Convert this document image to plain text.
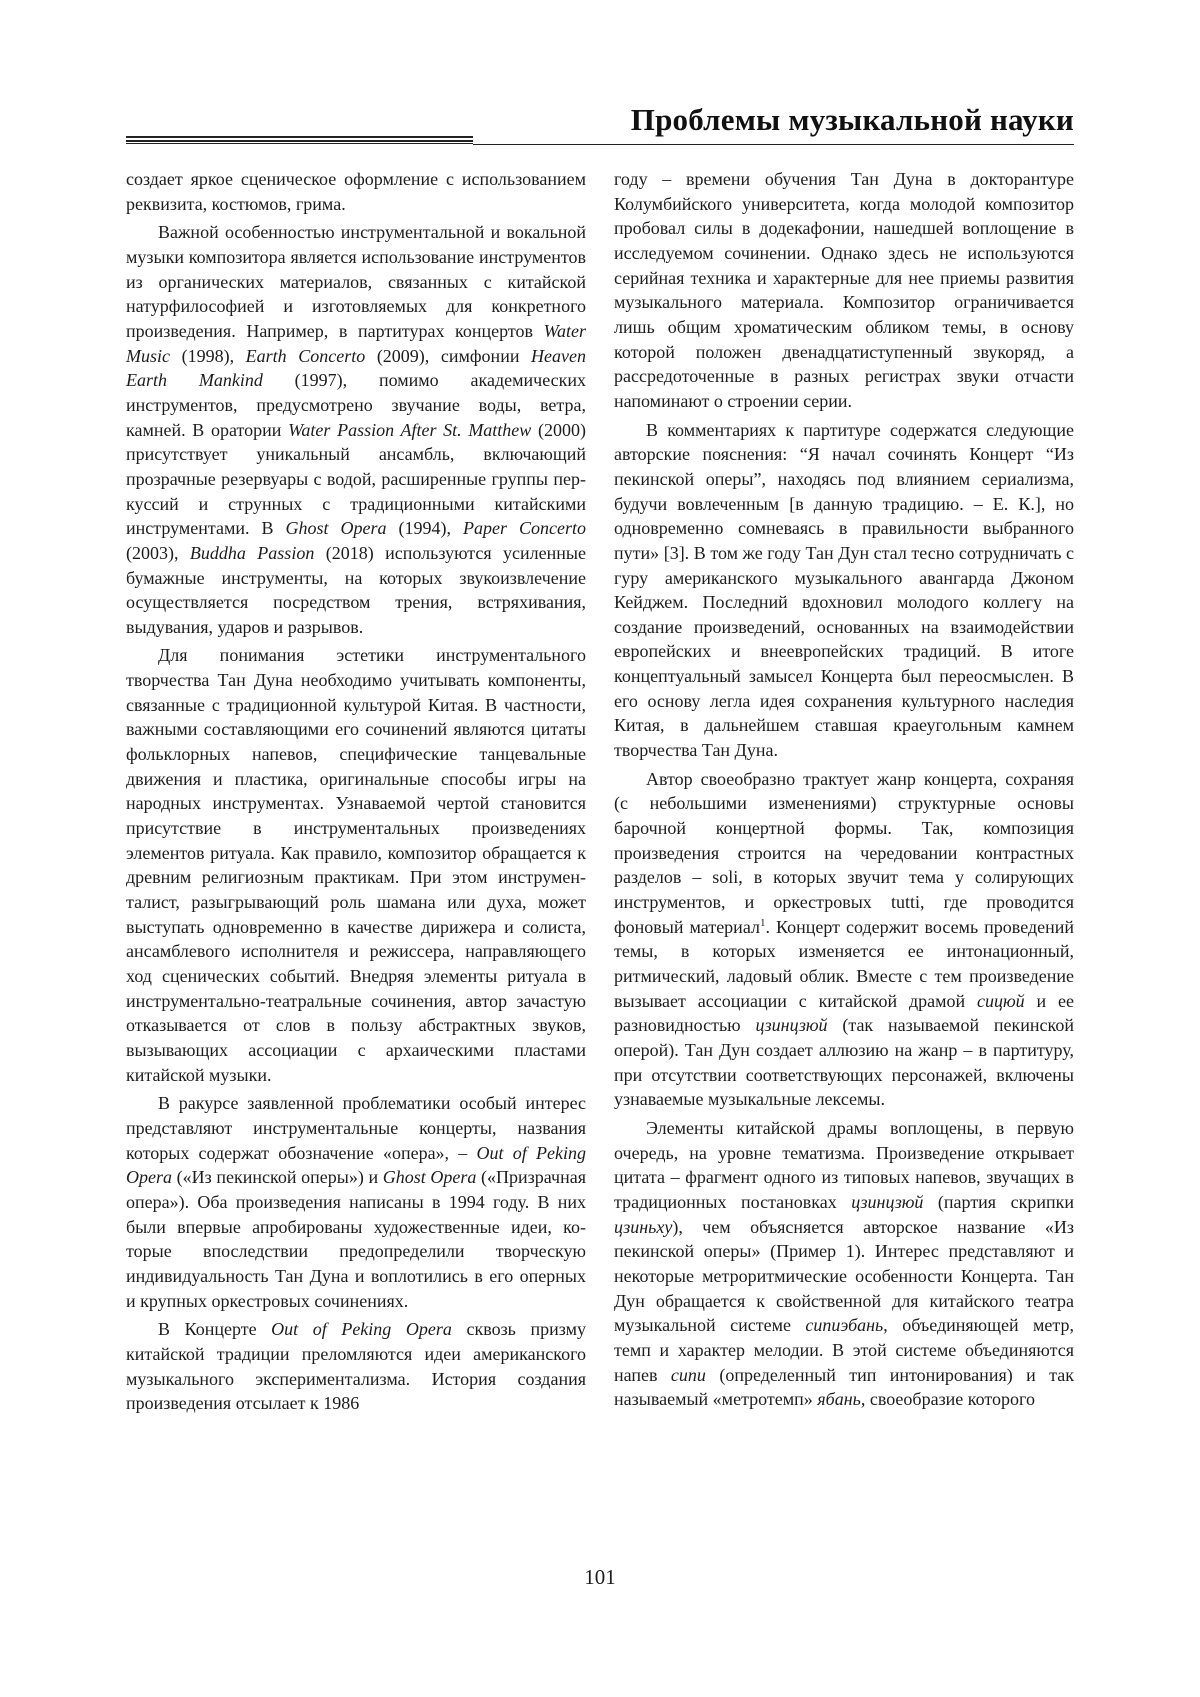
Проблемы музыкальной науки

создает яркое сценическое оформление с использованием реквизита, костюмов, грима.

Важной особенностью инструментальной и вокальной музыки композитора является использование инструментов из органических материалов, связанных с китайской натурфилософией и изготовляемых для конкретного произведения. Например, в партитурах концертов Water Music (1998), Earth Concerto (2009), симфонии Heaven Earth Mankind (1997), помимо академических инструментов, предусмотрено звучание воды, ветра, камней. В оратории Water Passion After St. Matthew (2000) присутствует уникальный ансамбль, включающий прозрачные резервуары с водой, расширенные группы перкуссий и струнных с традиционными китайскими инструментами. В Ghost Opera (1994), Paper Concerto (2003), Buddha Passion (2018) используются усиленные бумажные инструменты, на которых звукоизвлечение осуществляется посредством трения, встряхивания, выдувания, ударов и разрывов.

Для понимания эстетики инструментального творчества Тан Дуна необходимо учитывать компоненты, связанные с традиционной культурой Китая. В частности, важными составляющими его сочинений являются цитаты фольклорных напевов, специфические танцевальные движения и пластика, оригинальные способы игры на народных инструментах. Узнаваемой чертой становится присутствие в инструментальных произведениях элементов ритуала. Как правило, композитор обращается к древним религиозным практикам. При этом инструменталист, разыгрывающий роль шамана или духа, может выступать одновременно в качестве дирижера и солиста, ансамблевого исполнителя и режиссера, направляющего ход сценических событий. Внедряя элементы ритуала в инструментально-театральные сочинения, автор зачастую отказывается от слов в пользу абстрактных звуков, вызывающих ассоциации с архаическими пластами китайской музыки.

В ракурсе заявленной проблематики особый интерес представляют инструментальные концерты, названия которых содержат обозначение «опера», – Out of Peking Opera («Из пекинской оперы») и Ghost Opera («Призрачная опера»). Оба произведения написаны в 1994 году. В них были впервые апробированы художественные идеи, которые впоследствии предопределили творческую индивидуальность Тан Дуна и воплотились в его оперных и крупных оркестровых сочинениях.

В Концерте Out of Peking Opera сквозь призму китайской традиции преломляются идеи американского музыкального экспериментализма. История создания произведения отсылает к 1986

году – времени обучения Тан Дуна в докторантуре Колумбийского университета, когда молодой композитор пробовал силы в додекафонии, нашедшей воплощение в исследуемом сочинении. Однако здесь не используются серийная техника и характерные для нее приемы развития музыкального материала. Композитор ограничивается лишь общим хроматическим обликом темы, в основу которой положен двенадцатиступенный звукоряд, а рассредоточенные в разных регистрах звуки отчасти напоминают о строении серии.

В комментариях к партитуре содержатся следующие авторские пояснения: “Я начал сочинять Концерт “Из пекинской оперы”, находясь под влиянием сериализма, будучи вовлеченным [в данную традицию. – Е. К.], но одновременно сомневаясь в правильности выбранного пути» [3]. В том же году Тан Дун стал тесно сотрудничать с гуру американского музыкального авангарда Джоном Кейджем. Последний вдохновил молодого коллегу на создание произведений, основанных на взаимодействии европейских и внеевропейских традиций. В итоге концептуальный замысел Концерта был переосмыслен. В его основу легла идея сохранения культурного наследия Китая, в дальнейшем ставшая краеугольным камнем творчества Тан Дуна.

Автор своеобразно трактует жанр концерта, сохраняя (с небольшими изменениями) структурные основы барочной концертной формы. Так, композиция произведения строится на чередовании контрастных разделов – soli, в которых звучит тема у солирующих инструментов, и оркестровых tutti, где проводится фоновый материал$^1$. Концерт содержит восемь проведений темы, в которых изменяется ее интонационный, ритмический, ладовый облик. Вместе с тем произведение вызывает ассоциации с китайской драмой сицюй и ее разновидностью цзинцзюй (так называемой пекинской оперой). Тан Дун создает аллюзию на жанр – в партитуру, при отсутствии соответствующих персонажей, включены узнаваемые музыкальные лексемы.

Элементы китайской драмы воплощены, в первую очередь, на уровне тематизма. Произведение открывает цитата – фрагмент одного из типовых напевов, звучащих в традиционных постановках цзинцзюй (партия скрипки цзиньху), чем объясняется авторское название «Из пекинской оперы» (Пример 1). Интерес представляют и некоторые метроритмические особенности Концерта. Тан Дун обращается к свойственной для китайского театра музыкальной системе сипиэбань, объединяющей метр, темп и характер мелодии. В этой системе объединяются напев сипи (определенный тип интонирования) и так называемый «метротемп» ябань, своеобразие которого

101
